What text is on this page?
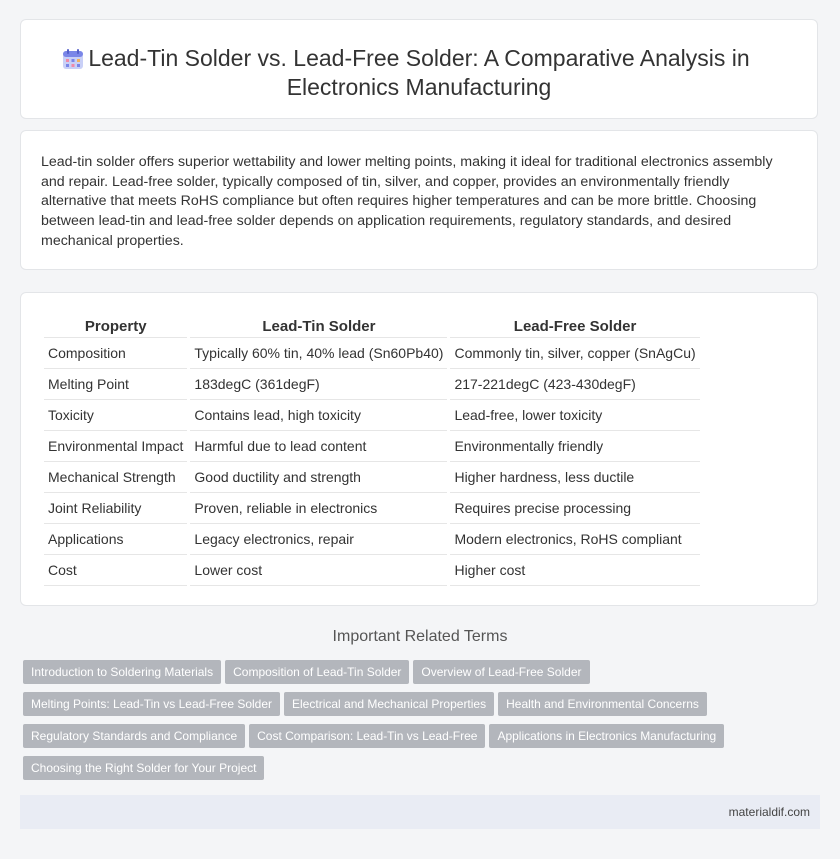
Lead-Tin Solder vs. Lead-Free Solder: A Comparative Analysis in
Electronics Manufacturing
Lead-tin solder offers superior wettability and lower melting points, making it ideal for traditional electronics assembly and repair. Lead-free solder, typically composed of tin, silver, and copper, provides an environmentally friendly alternative that meets RoHS compliance but often requires higher temperatures and can be more brittle. Choosing between lead-tin and lead-free solder depends on application requirements, regulatory standards, and desired mechanical properties.
Property	Lead-Tin Solder	Lead-Free Solder
Composition	Typically 60% tin, 40% lead (Sn60Pb40)	Commonly tin, silver, copper (SnAgCu)
Melting Point	183degC (361degF)	217-221degC (423-430degF)
Toxicity	Contains lead, high toxicity	Lead-free, lower toxicity
Environmental Impact	Harmful due to lead content	Environmentally friendly
Mechanical Strength	Good ductility and strength	Higher hardness, less ductile
Joint Reliability	Proven, reliable in electronics	Requires precise processing
Applications	Legacy electronics, repair	Modern electronics, RoHS compliant
Cost	Lower cost	Higher cost
Important Related Terms
Introduction to Soldering Materials Composition of Lead-Tin Solder Overview of Lead-Free Solder
Melting Points: Lead-Tin vs Lead-Free Solder Electrical and Mechanical Properties Health and Environmental Concerns
Regulatory Standards and Compliance Cost Comparison: Lead-Tin vs Lead-Free Applications in Electronics Manufacturing
Choosing the Right Solder for Your Project
materialdif.com
